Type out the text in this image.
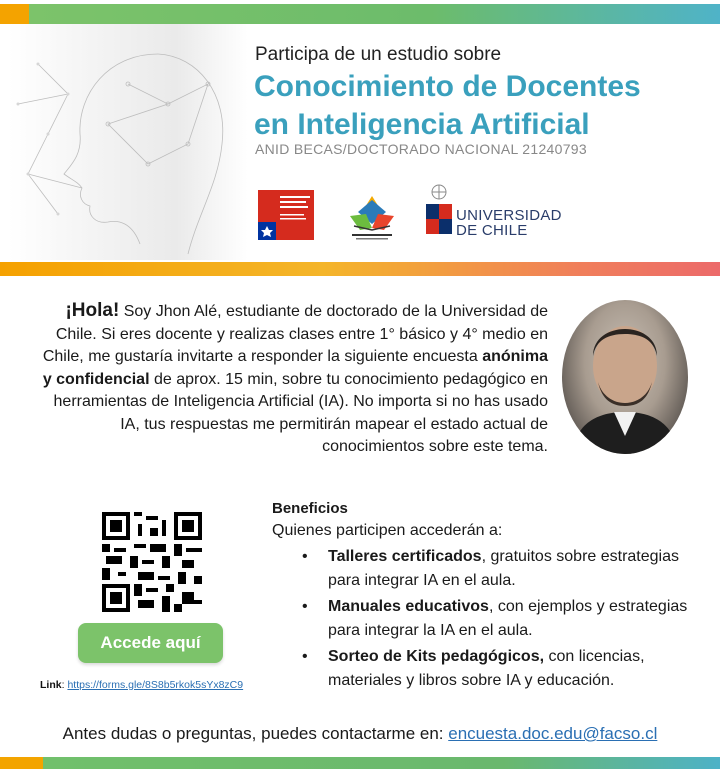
Participa de un estudio sobre
Conocimiento de Docentes
en Inteligencia Artificial
ANID BECAS/DOCTORADO NACIONAL 21240793
UNIVERSIDAD
DE CHILE
¡Hola! Soy Jhon Alé, estudiante de doctorado de la Universidad de Chile. Si eres docente y realizas clases entre 1° básico y 4° medio en Chile, me gustaría invitarte a responder la siguiente encuesta anónima y confidencial de aprox. 15 min, sobre tu conocimiento pedagógico en herramientas de Inteligencia Artificial (IA). No importa si no has usado IA, tus respuestas me permitirán mapear el estado actual de conocimientos sobre este tema.
Accede aquí
Link: https://forms.gle/8S8b5rkok5sYx8zC9
Beneficios
Quienes participen accederán a:
• Talleres certificados, gratuitos sobre estrategias para integrar IA en el aula.
• Manuales educativos, con ejemplos y estrategias para integrar la IA en el aula.
• Sorteo de Kits pedagógicos, con licencias, materiales y libros sobre IA y educación.
Antes dudas o preguntas, puedes contactarme en: encuesta.doc.edu@facso.cl
